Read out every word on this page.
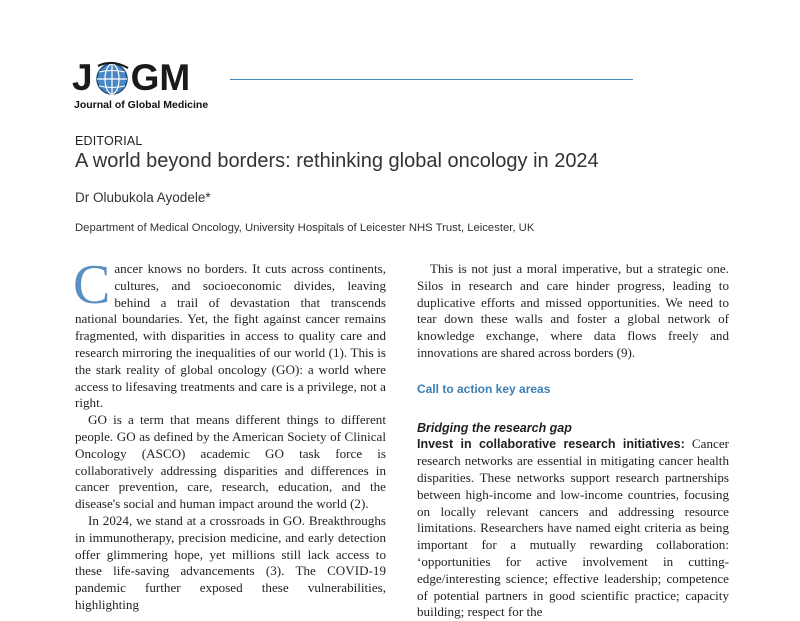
J G M
Journal of Global Medicine
EDITORIAL
A world beyond borders: rethinking global oncology in 2024
Dr Olubukola Ayodele*
Department of Medical Oncology, University Hospitals of Leicester NHS Trust, Leicester, UK

Cancer knows no borders. It cuts across continents, cultures, and socioeconomic divides, leaving behind a trail of devastation that transcends national boundaries. Yet, the fight against cancer remains fragmented, with disparities in access to quality care and research mirroring the inequalities of our world (1). This is the stark reality of global oncology (GO): a world where access to lifesaving treatments and care is a privilege, not a right.

GO is a term that means different things to different people. GO as defined by the American Society of Clinical Oncology (ASCO) academic GO task force is collaboratively addressing disparities and differences in cancer prevention, care, research, education, and the disease's social and human impact around the world (2).

In 2024, we stand at a crossroads in GO. Breakthroughs in immunotherapy, precision medicine, and early detection offer glimmering hope, yet millions still lack access to these life-saving advancements (3). The COVID-19 pandemic further exposed these vulnerabilities, highlighting

This is not just a moral imperative, but a strategic one. Silos in research and care hinder progress, leading to duplicative efforts and missed opportunities. We need to tear down these walls and foster a global network of knowledge exchange, where data flows freely and innovations are shared across borders (9).

Call to action key areas

Bridging the research gap

Invest in collaborative research initiatives: Cancer research networks are essential in mitigating cancer health disparities. These networks support research partnerships between high-income and low-income countries, focusing on locally relevant cancers and addressing resource limitations. Researchers have named eight criteria as being important for a mutually rewarding collaboration: ‘opportunities for active involvement in cutting-edge/interesting science; effective leadership; competence of potential partners in good scientific practice; capacity building; respect for the
